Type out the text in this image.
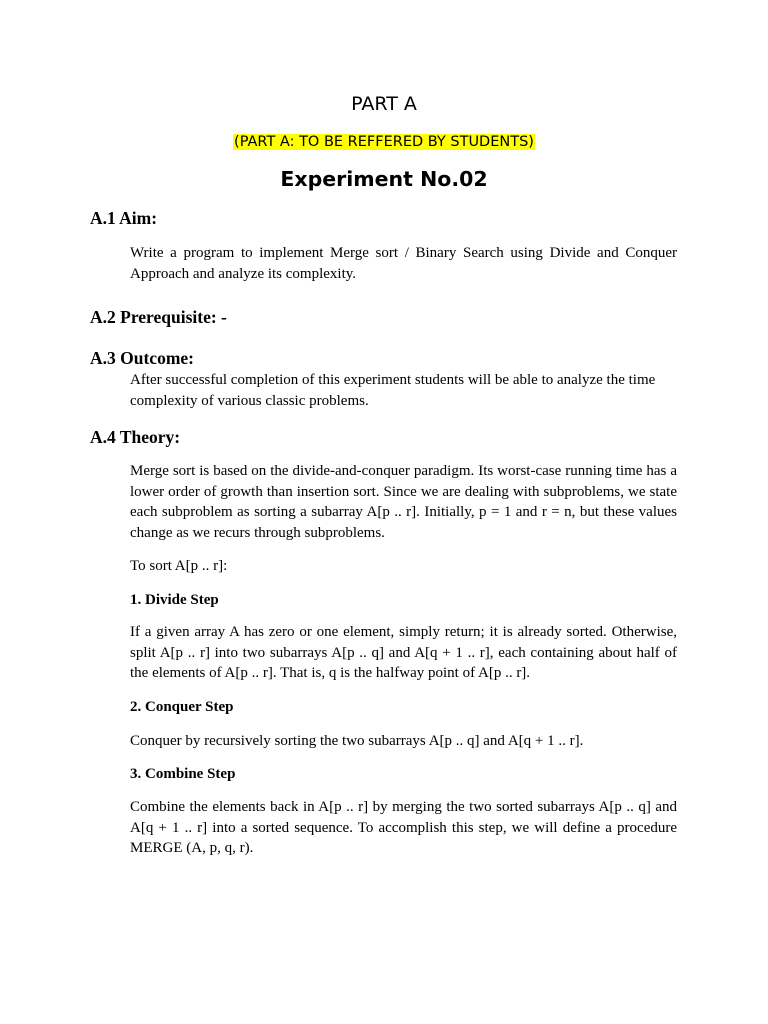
PART A
(PART A: TO BE REFFERED BY STUDENTS)
Experiment No.02
A.1 Aim:
Write a program to implement Merge sort / Binary Search using Divide and Conquer Approach and analyze its complexity.
A.2 Prerequisite: -
A.3 Outcome:
After successful completion of this experiment students will be able to analyze the time complexity of various classic problems.
A.4 Theory:
Merge sort is based on the divide-and-conquer paradigm. Its worst-case running time has a lower order of growth than insertion sort. Since we are dealing with subproblems, we state each subproblem as sorting a subarray A[p .. r]. Initially, p = 1 and r = n, but these values change as we recurs through subproblems.
To sort A[p .. r]:
1. Divide Step
If a given array A has zero or one element, simply return; it is already sorted. Otherwise, split A[p .. r] into two subarrays A[p .. q] and A[q + 1 .. r], each containing about half of the elements of A[p .. r]. That is, q is the halfway point of A[p .. r].
2. Conquer Step
Conquer by recursively sorting the two subarrays A[p .. q] and A[q + 1 .. r].
3. Combine Step
Combine the elements back in A[p .. r] by merging the two sorted subarrays A[p .. q] and A[q + 1 .. r] into a sorted sequence. To accomplish this step, we will define a procedure MERGE (A, p, q, r).
